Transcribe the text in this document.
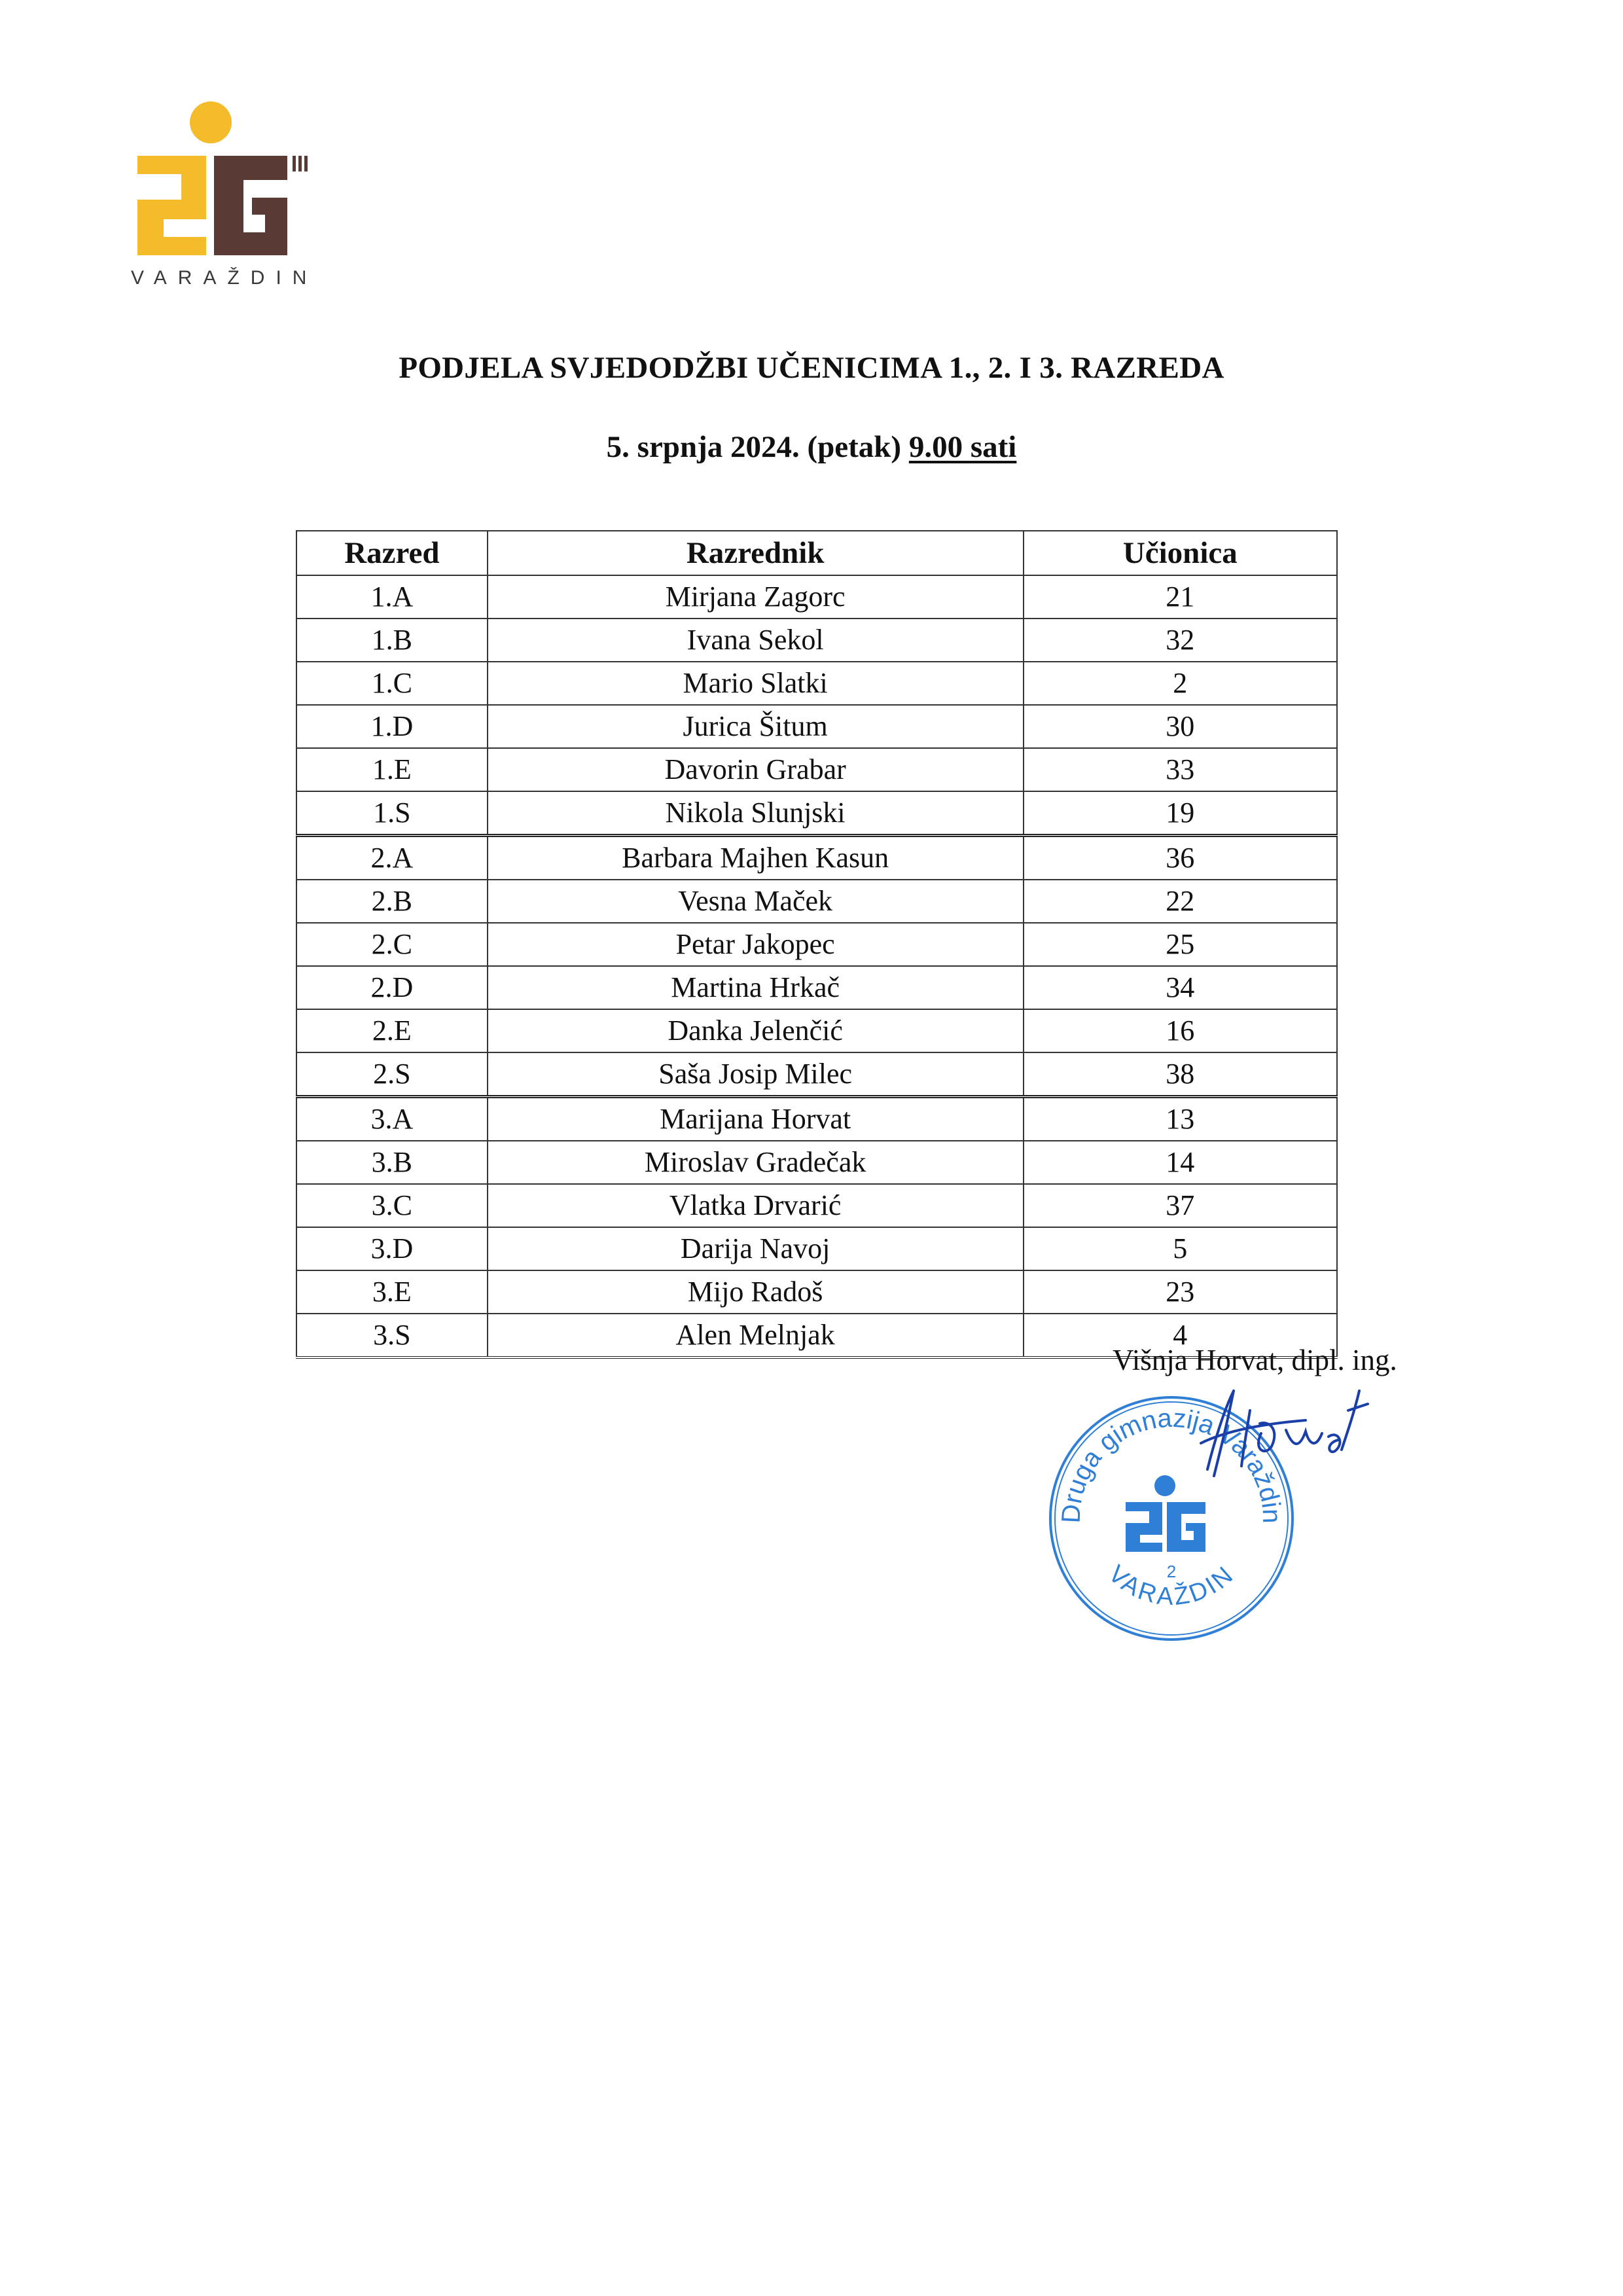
VARAŽDIN
PODJELA SVJEDODŽBI UČENICIMA 1., 2. I 3. RAZREDA
5. srpnja 2024. (petak) 9.00 sati
Razred	Razrednik	Učionica
1.A	Mirjana Zagorc	21
1.B	Ivana Sekol	32
1.C	Mario Slatki	2
1.D	Jurica Šitum	30
1.E	Davorin Grabar	33
1.S	Nikola Slunjski	19
2.A	Barbara Majhen Kasun	36
2.B	Vesna Maček	22
2.C	Petar Jakopec	25
2.D	Martina Hrkač	34
2.E	Danka Jelenčić	16
2.S	Saša Josip Milec	38
3.A	Marijana Horvat	13
3.B	Miroslav Gradečak	14
3.C	Vlatka Drvarić	37
3.D	Darija Navoj	5
3.E	Mijo Radoš	23
3.S	Alen Melnjak	4
Višnja Horvat, dipl. ing.
Druga gimnazija Varaždin
VARAŽDIN
2
